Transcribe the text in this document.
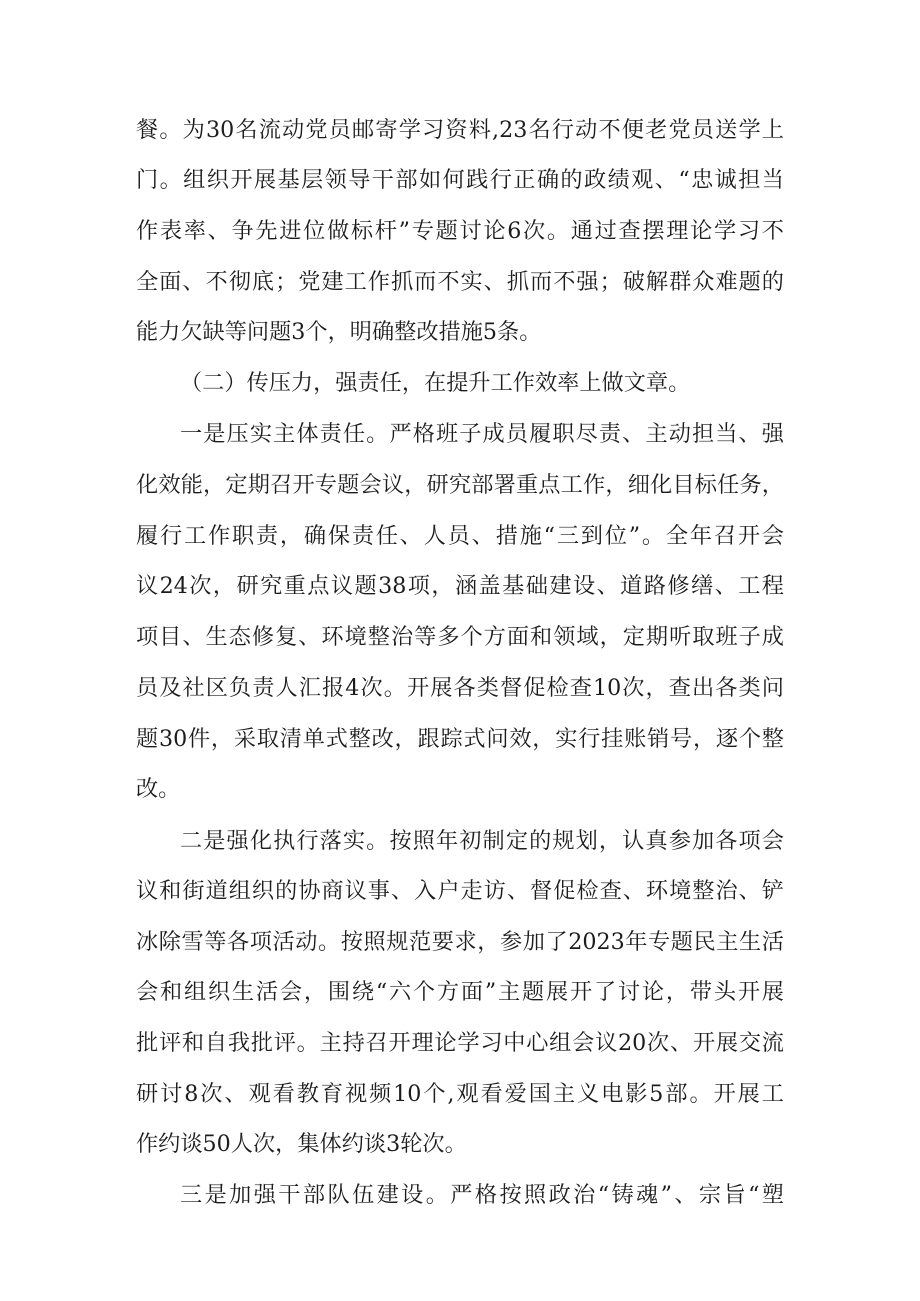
餐。为30名流动党员邮寄学习资料,23名行动不便老党员送学上

门。组织开展基层领导干部如何践行正确的政绩观、“忠诚担当

作表率、争先进位做标杆”专题讨论6次。通过查摆理论学习不

全面、不彻底；党建工作抓而不实、抓而不强；破解群众难题的

能力欠缺等问题3个，明确整改措施5条。

（二）传压力，强责任，在提升工作效率上做文章。

一是压实主体责任。严格班子成员履职尽责、主动担当、强

化效能，定期召开专题会议，研究部署重点工作，细化目标任务，

履行工作职责，确保责任、人员、措施“三到位”。全年召开会

议24次，研究重点议题38项，涵盖基础建设、道路修缮、工程

项目、生态修复、环境整治等多个方面和领域，定期听取班子成

员及社区负责人汇报4次。开展各类督促检查10次，查出各类问

题30件，采取清单式整改，跟踪式问效，实行挂账销号，逐个整

改。

二是强化执行落实。按照年初制定的规划，认真参加各项会

议和街道组织的协商议事、入户走访、督促检查、环境整治、铲

冰除雪等各项活动。按照规范要求，参加了2023年专题民主生活

会和组织生活会，围绕“六个方面”主题展开了讨论，带头开展

批评和自我批评。主持召开理论学习中心组会议20次、开展交流

研讨8次、观看教育视频10个,观看爱国主义电影5部。开展工

作约谈50人次，集体约谈3轮次。

三是加强干部队伍建设。严格按照政治“铸魂”、宗旨“塑
